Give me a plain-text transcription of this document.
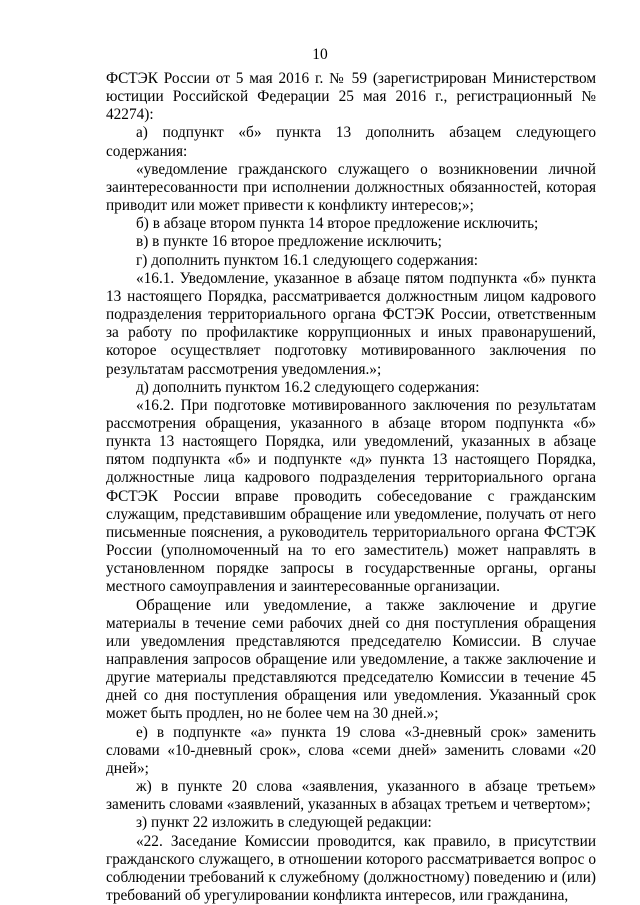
10

ФСТЭК России от 5 мая 2016 г. № 59 (зарегистрирован Министерством юстиции Российской Федерации 25 мая 2016 г., регистрационный № 42274):

а) подпункт «б» пункта 13 дополнить абзацем следующего содержания:

«уведомление гражданского служащего о возникновении личной заинтересованности при исполнении должностных обязанностей, которая приводит или может привести к конфликту интересов;»;

б) в абзаце втором пункта 14 второе предложение исключить;

в) в пункте 16 второе предложение исключить;

г) дополнить пунктом 16.1 следующего содержания:

«16.1. Уведомление, указанное в абзаце пятом подпункта «б» пункта 13 настоящего Порядка, рассматривается должностным лицом кадрового подразделения территориального органа ФСТЭК России, ответственным за работу по профилактике коррупционных и иных правонарушений, которое осуществляет подготовку мотивированного заключения по результатам рассмотрения уведомления.»;

д) дополнить пунктом 16.2 следующего содержания:

«16.2. При подготовке мотивированного заключения по результатам рассмотрения обращения, указанного в абзаце втором подпункта «б» пункта 13 настоящего Порядка, или уведомлений, указанных в абзаце пятом подпункта «б» и подпункте «д» пункта 13 настоящего Порядка, должностные лица кадрового подразделения территориального органа ФСТЭК России вправе проводить собеседование с гражданским служащим, представившим обращение или уведомление, получать от него письменные пояснения, а руководитель территориального органа ФСТЭК России (уполномоченный на то его заместитель) может направлять в установленном порядке запросы в государственные органы, органы местного самоуправления и заинтересованные организации.

Обращение или уведомление, а также заключение и другие материалы в течение семи рабочих дней со дня поступления обращения или уведомления представляются председателю Комиссии. В случае направления запросов обращение или уведомление, а также заключение и другие материалы представляются председателю Комиссии в течение 45 дней со дня поступления обращения или уведомления. Указанный срок может быть продлен, но не более чем на 30 дней.»;

е) в подпункте «а» пункта 19 слова «3-дневный срок» заменить словами «10-дневный срок», слова «семи дней» заменить словами «20 дней»;

ж) в пункте 20 слова «заявления, указанного в абзаце третьем» заменить словами «заявлений, указанных в абзацах третьем и четвертом»;

з) пункт 22 изложить в следующей редакции:

«22. Заседание Комиссии проводится, как правило, в присутствии гражданского служащего, в отношении которого рассматривается вопрос о соблюдении требований к служебному (должностному) поведению и (или) требований об урегулировании конфликта интересов, или гражданина,
